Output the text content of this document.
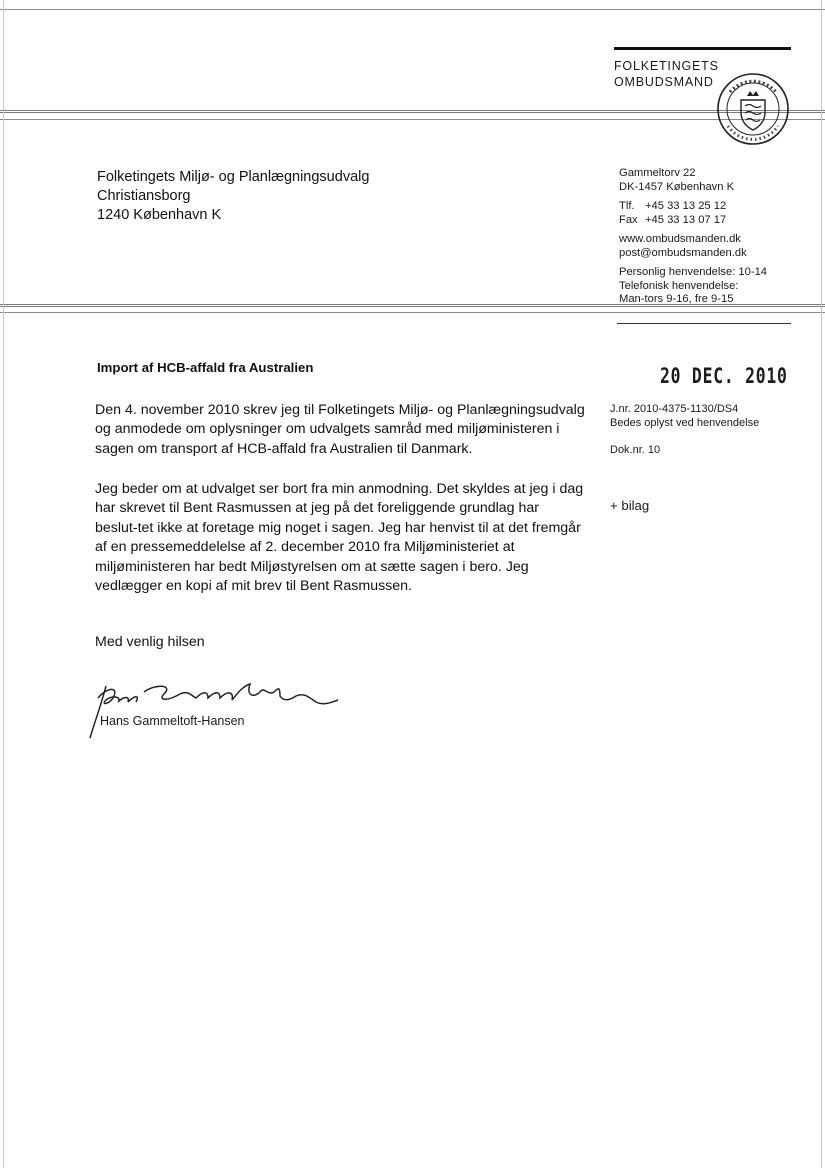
FOLKETINGETS
OMBUDSMAND
Folketingets Miljø- og Planlægningsudvalg
Christiansborg
1240 København K
Gammeltorv 22
DK-1457 København K
Tlf. +45 33 13 25 12
Fax +45 33 13 07 17
www.ombudsmanden.dk
post@ombudsmanden.dk
Personlig henvendelse: 10-14
Telefonisk henvendelse:
Man-tors 9-16, fre 9-15
Import af HCB-affald fra Australien	20 DEC. 2010
J.nr. 2010-4375-1130/DS4
Bedes oplyst ved henvendelse
Dok.nr. 10
+ bilag
Den 4. november 2010 skrev jeg til Folketingets Miljø- og Planlægningsudvalg og anmodede om oplysninger om udvalgets samråd med miljøministeren i sagen om transport af HCB-affald fra Australien til Danmark.
Jeg beder om at udvalget ser bort fra min anmodning. Det skyldes at jeg i dag har skrevet til Bent Rasmussen at jeg på det foreliggende grundlag har beslut-tet ikke at foretage mig noget i sagen. Jeg har henvist til at det fremgår af en pressemeddelelse af 2. december 2010 fra Miljøministeriet at miljøministeren har bedt Miljøstyrelsen om at sætte sagen i bero. Jeg vedlægger en kopi af mit brev til Bent Rasmussen.
Med venlig hilsen
Hans Gammeltoft-Hansen
